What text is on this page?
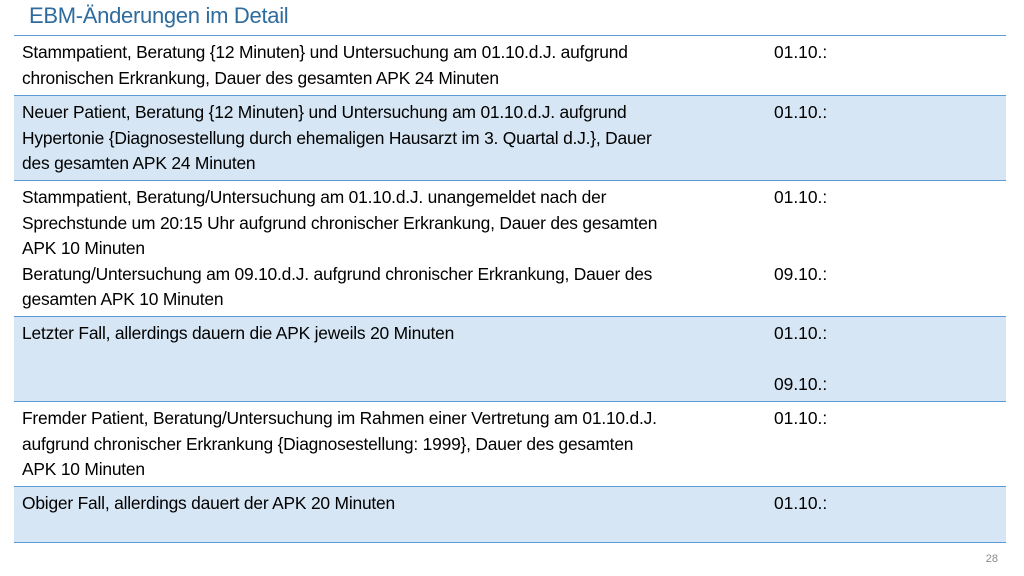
EBM-Änderungen im Detail
Stammpatient, Beratung {12 Minuten} und Untersuchung am 01.10.d.J. aufgrund
chronischen Erkrankung, Dauer des gesamten APK 24 Minuten
01.10.:
Neuer Patient, Beratung {12 Minuten} und Untersuchung am 01.10.d.J. aufgrund
Hypertonie {Diagnosestellung durch ehemaligen Hausarzt im 3. Quartal d.J.}, Dauer
des gesamten APK 24 Minuten
01.10.:
Stammpatient, Beratung/Untersuchung am 01.10.d.J. unangemeldet nach der
Sprechstunde um 20:15 Uhr aufgrund chronischer Erkrankung, Dauer des gesamten
APK 10 Minuten
Beratung/Untersuchung am 09.10.d.J. aufgrund chronischer Erkrankung, Dauer des
gesamten APK 10 Minuten
01.10.:

09.10.:
Letzter Fall, allerdings dauern die APK jeweils 20 Minuten	01.10.:

09.10.:
Fremder Patient, Beratung/Untersuchung im Rahmen einer Vertretung am 01.10.d.J.
aufgrund chronischer Erkrankung {Diagnosestellung: 1999}, Dauer des gesamten
APK 10 Minuten
01.10.:
Obiger Fall, allerdings dauert der APK 20 Minuten	01.10.:
28
